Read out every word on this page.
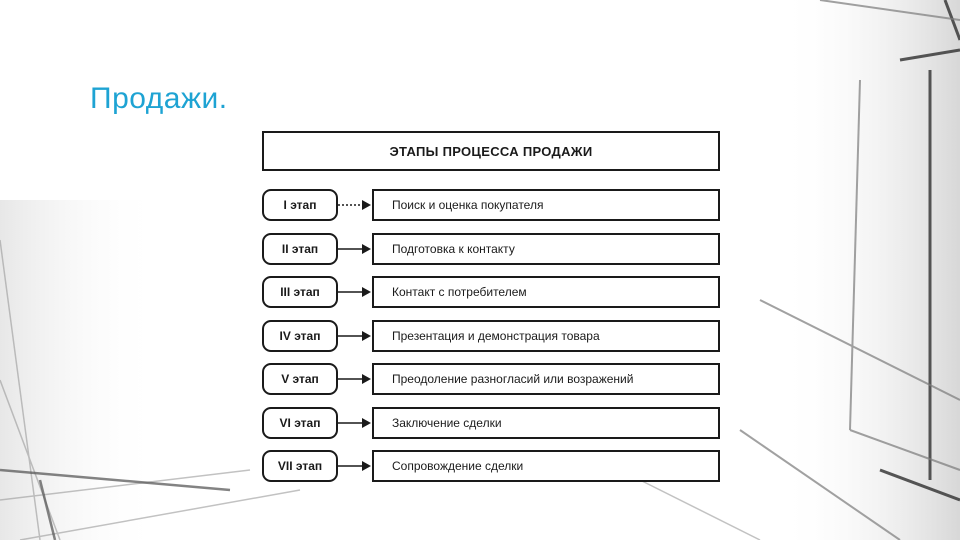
Продажи.
ЭТАПЫ ПРОЦЕССА ПРОДАЖИ
I этап	Поиск и оценка покупателя
II этап	Подготовка к контакту
III этап	Контакт с потребителем
IV этап	Презентация и демонстрация товара
V этап	Преодоление разногласий или возражений
VI этап	Заключение сделки
VII этап	Сопровождение сделки
